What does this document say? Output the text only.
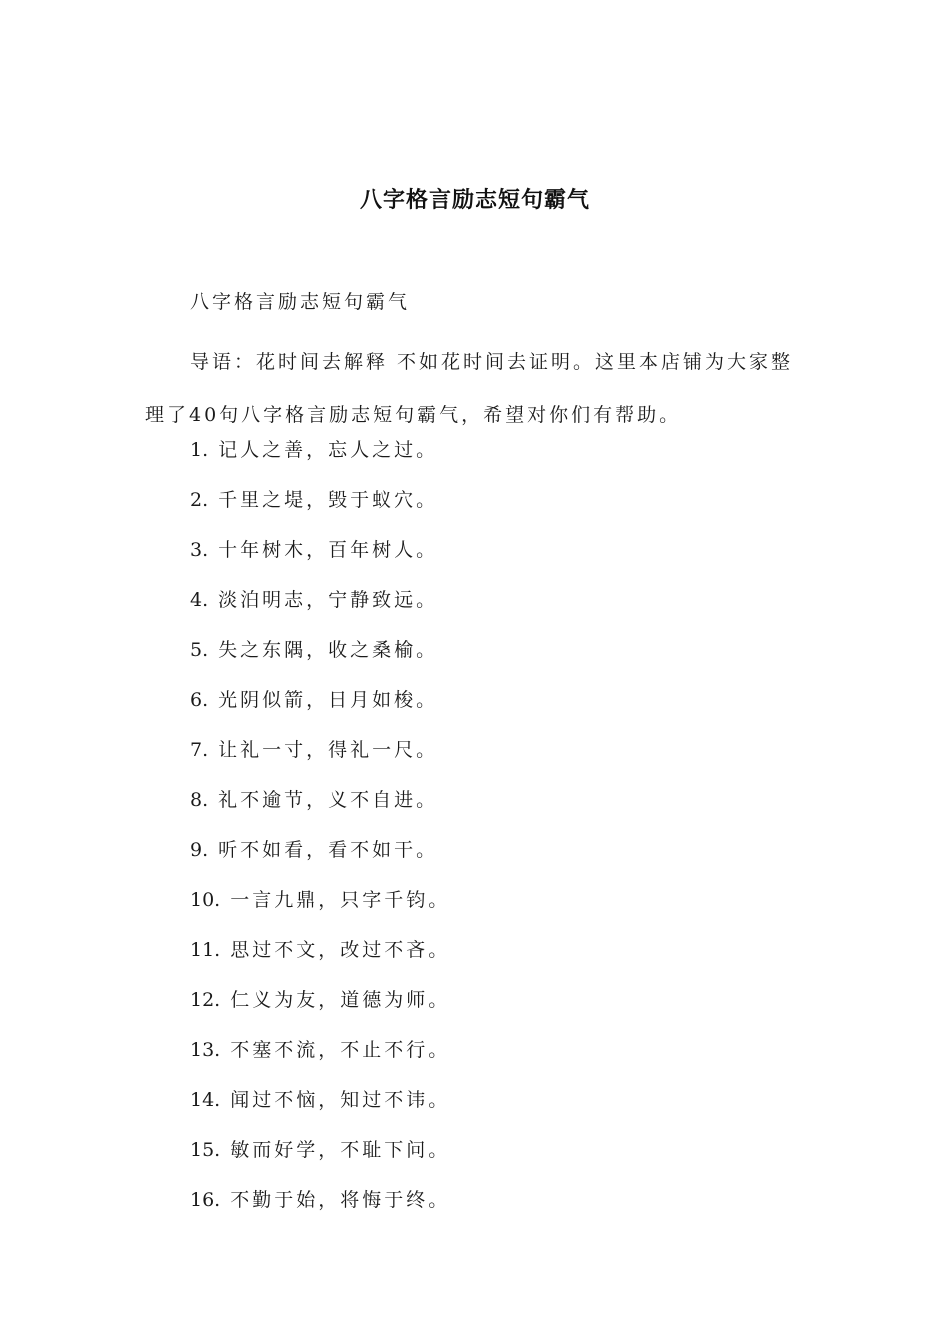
八字格言励志短句霸气
八字格言励志短句霸气
导语：花时间去解释 不如花时间去证明。这里本店铺为大家整理了40句八字格言励志短句霸气，希望对你们有帮助。
1. 记人之善，忘人之过。
2. 千里之堤，毁于蚁穴。
3. 十年树木，百年树人。
4. 淡泊明志，宁静致远。
5. 失之东隅，收之桑榆。
6. 光阴似箭，日月如梭。
7. 让礼一寸，得礼一尺。
8. 礼不逾节，义不自进。
9. 听不如看，看不如干。
10. 一言九鼎，只字千钧。
11. 思过不文，改过不吝。
12. 仁义为友，道德为师。
13. 不塞不流，不止不行。
14. 闻过不恼，知过不讳。
15. 敏而好学，不耻下问。
16. 不勤于始，将悔于终。
